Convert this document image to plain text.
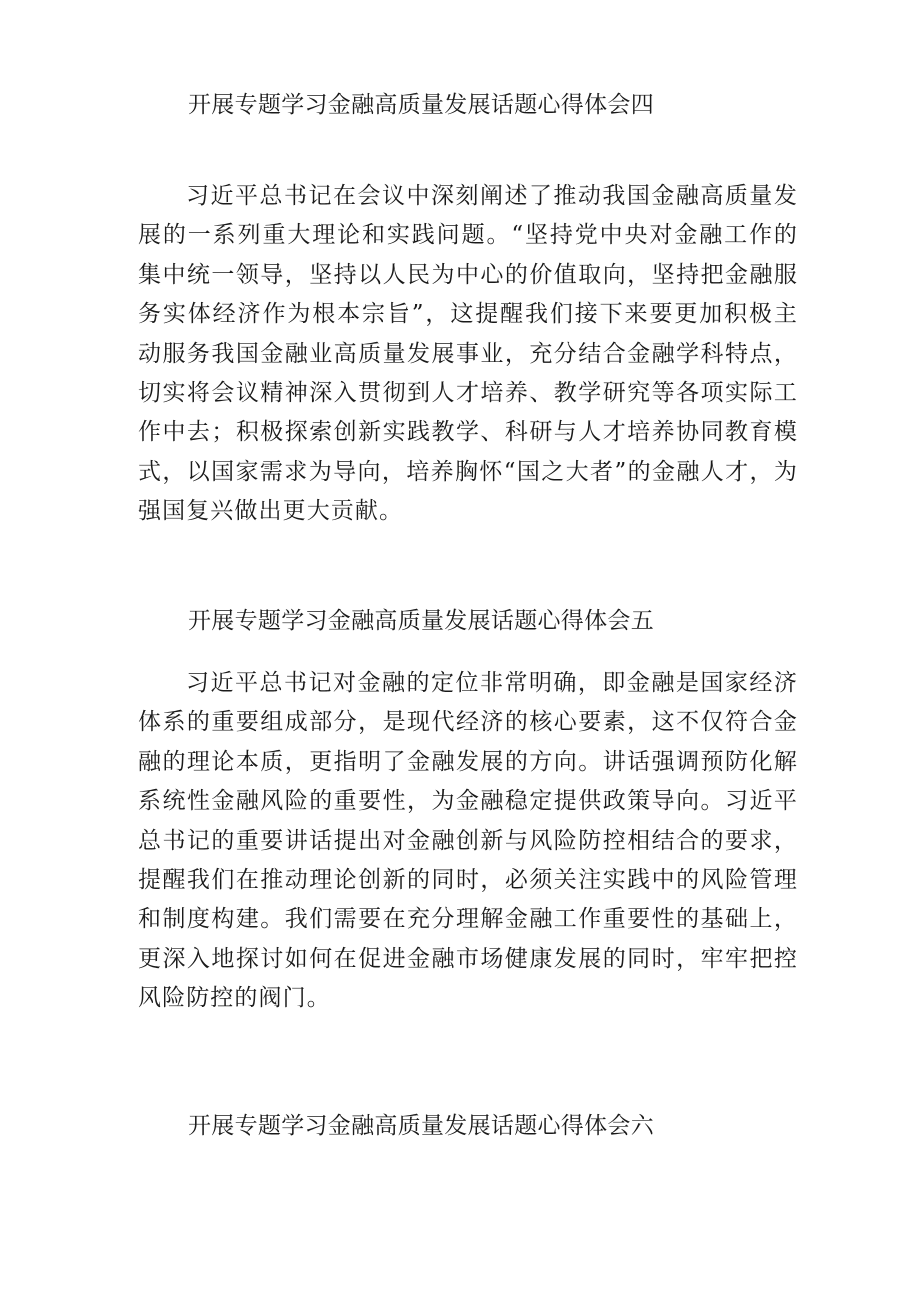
开展专题学习金融高质量发展话题心得体会四

习近平总书记在会议中深刻阐述了推动我国金融高质量发展的一系列重大理论和实践问题。“坚持党中央对金融工作的集中统一领导，坚持以人民为中心的价值取向，坚持把金融服务实体经济作为根本宗旨”，这提醒我们接下来要更加积极主动服务我国金融业高质量发展事业，充分结合金融学科特点，切实将会议精神深入贯彻到人才培养、教学研究等各项实际工作中去；积极探索创新实践教学、科研与人才培养协同教育模式，以国家需求为导向，培养胸怀“国之大者”的金融人才，为强国复兴做出更大贡献。

开展专题学习金融高质量发展话题心得体会五

习近平总书记对金融的定位非常明确，即金融是国家经济体系的重要组成部分，是现代经济的核心要素，这不仅符合金融的理论本质，更指明了金融发展的方向。讲话强调预防化解系统性金融风险的重要性，为金融稳定提供政策导向。习近平总书记的重要讲话提出对金融创新与风险防控相结合的要求，提醒我们在推动理论创新的同时，必须关注实践中的风险管理和制度构建。我们需要在充分理解金融工作重要性的基础上，更深入地探讨如何在促进金融市场健康发展的同时，牢牢把控风险防控的阀门。

开展专题学习金融高质量发展话题心得体会六
